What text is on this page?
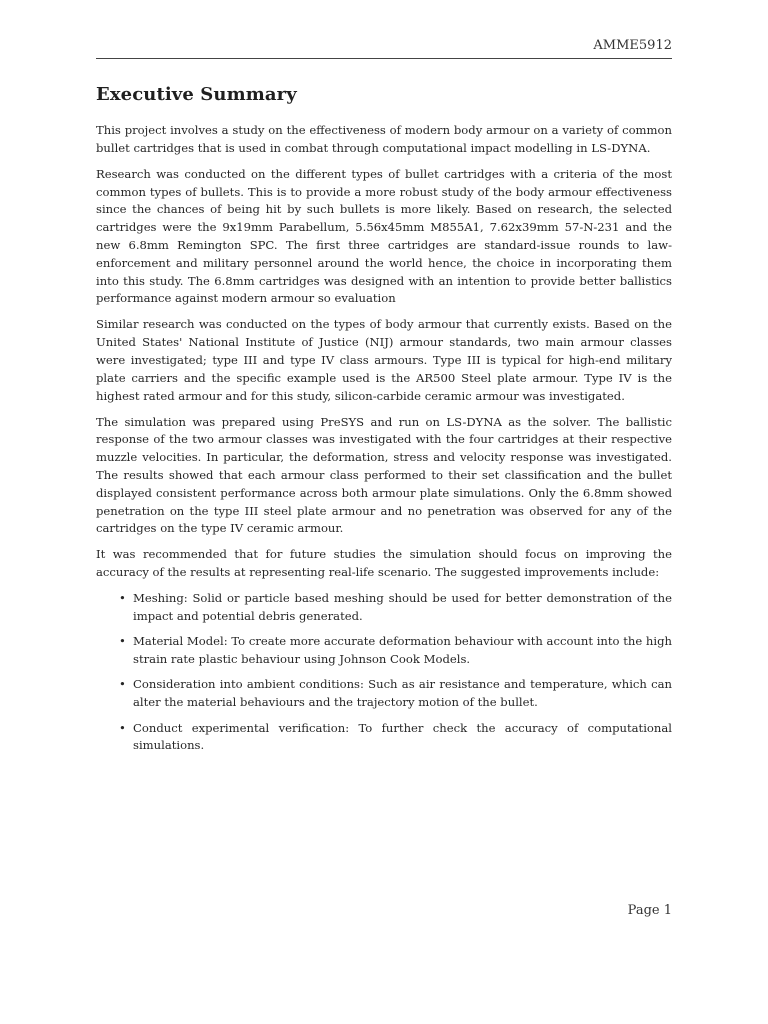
AMME5912
Executive Summary

This project involves a study on the effectiveness of modern body armour on a variety of common bullet cartridges that is used in combat through computational impact modelling in LS-DYNA.

Research was conducted on the different types of bullet cartridges with a criteria of the most common types of bullets. This is to provide a more robust study of the body armour effectiveness since the chances of being hit by such bullets is more likely. Based on research, the selected cartridges were the 9x19mm Parabellum, 5.56x45mm M855A1, 7.62x39mm 57-N-231 and the new 6.8mm Remington SPC. The first three cartridges are standard-issue rounds to law-enforcement and military personnel around the world hence, the choice in incorporating them into this study. The 6.8mm cartridges was designed with an intention to provide better ballistics performance against modern armour so evaluation

Similar research was conducted on the types of body armour that currently exists. Based on the United States' National Institute of Justice (NIJ) armour standards, two main armour classes were investigated; type III and type IV class armours. Type III is typical for high-end military plate carriers and the specific example used is the AR500 Steel plate armour. Type IV is the highest rated armour and for this study, silicon-carbide ceramic armour was investigated.

The simulation was prepared using PreSYS and run on LS-DYNA as the solver. The ballistic response of the two armour classes was investigated with the four cartridges at their respective muzzle velocities. In particular, the deformation, stress and velocity response was investigated. The results showed that each armour class performed to their set classification and the bullet displayed consistent performance across both armour plate simulations. Only the 6.8mm showed penetration on the type III steel plate armour and no penetration was observed for any of the cartridges on the type IV ceramic armour.

It was recommended that for future studies the simulation should focus on improving the accuracy of the results at representing real-life scenario. The suggested improvements include:

• Meshing: Solid or particle based meshing should be used for better demonstration of the impact and potential debris generated.
• Material Model: To create more accurate deformation behaviour with account into the high strain rate plastic behaviour using Johnson Cook Models.
• Consideration into ambient conditions: Such as air resistance and temperature, which can alter the material behaviours and the trajectory motion of the bullet.
• Conduct experimental verification: To further check the accuracy of computational simulations.
Page 1
